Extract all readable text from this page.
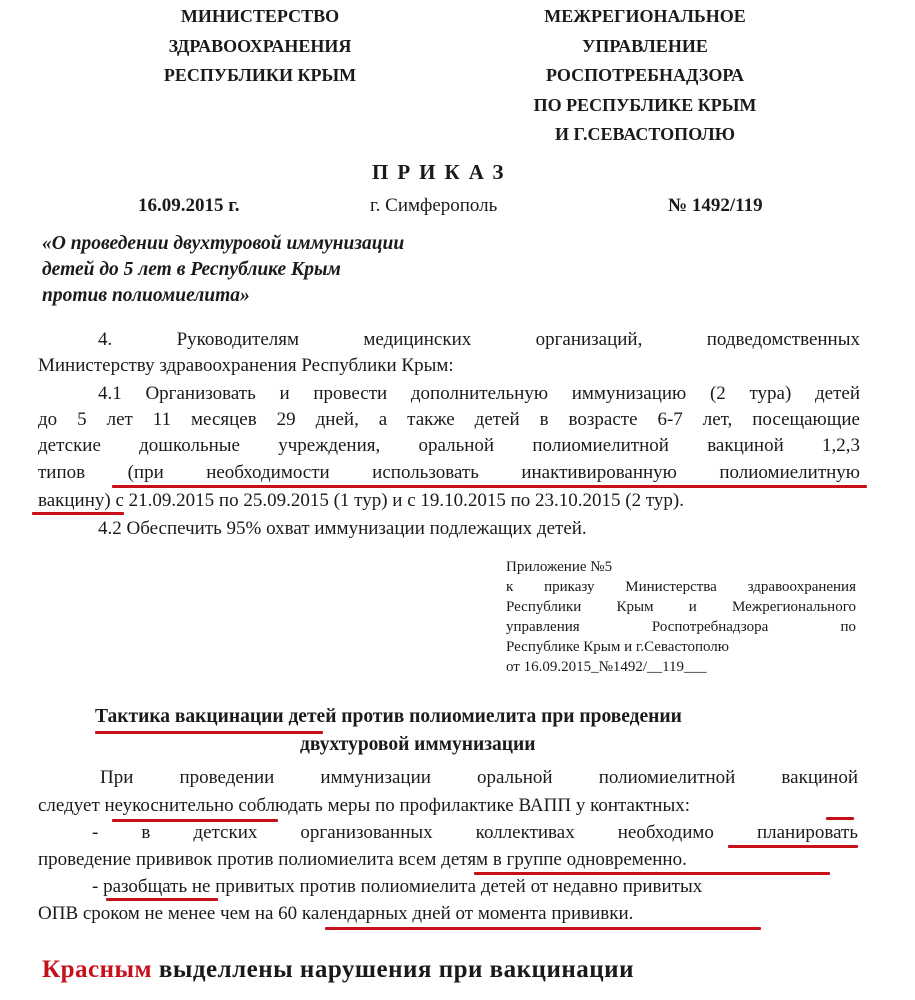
МИНИСТЕРСТВО
ЗДРАВООХРАНЕНИЯ
РЕСПУБЛИКИ КРЫМ
МЕЖРЕГИОНАЛЬНОЕ
УПРАВЛЕНИЕ
РОСПОТРЕБНАДЗОРА
ПО РЕСПУБЛИКЕ КРЫМ
И Г.СЕВАСТОПОЛЮ
ПРИКАЗ
16.09.2015 г.	г. Симферополь	№ 1492/119
«О проведении двухтуровой иммунизации
детей до 5 лет в Республике Крым
против полиомиелита»
4. Руководителям медицинских организаций, подведомственных
Министерству здравоохранения Республики Крым:
4.1 Организовать и провести дополнительную иммунизацию (2 тура) детей
до 5 лет 11 месяцев 29 дней, а также детей в возрасте 6-7 лет, посещающие
детские дошкольные учреждения, оральной полиомиелитной вакциной 1,2,3
типов (при необходимости использовать инактивированную полиомиелитную
вакцину) с 21.09.2015 по 25.09.2015 (1 тур) и с 19.10.2015 по 23.10.2015 (2 тур).
4.2 Обеспечить 95% охват иммунизации подлежащих детей.
Приложение №5
к приказу Министерства здравоохранения
Республики Крым и Межрегионального
управления Роспотребнадзора по
Республике Крым и г.Севастополю
от 16.09.2015_№1492/__119___
Тактика вакцинации детей против полиомиелита при проведении
двухтуровой иммунизации
При проведении иммунизации оральной полиомиелитной вакциной
следует неукоснительно соблюдать меры по профилактике ВАПП у контактных:
- в детских организованных коллективах необходимо планировать
проведение прививок против полиомиелита всем детям в группе одновременно.
- разобщать не привитых против полиомиелита детей от недавно привитых
ОПВ сроком не менее чем на 60 календарных дней от момента прививки.
Красным выделлены нарушения при вакцинации
